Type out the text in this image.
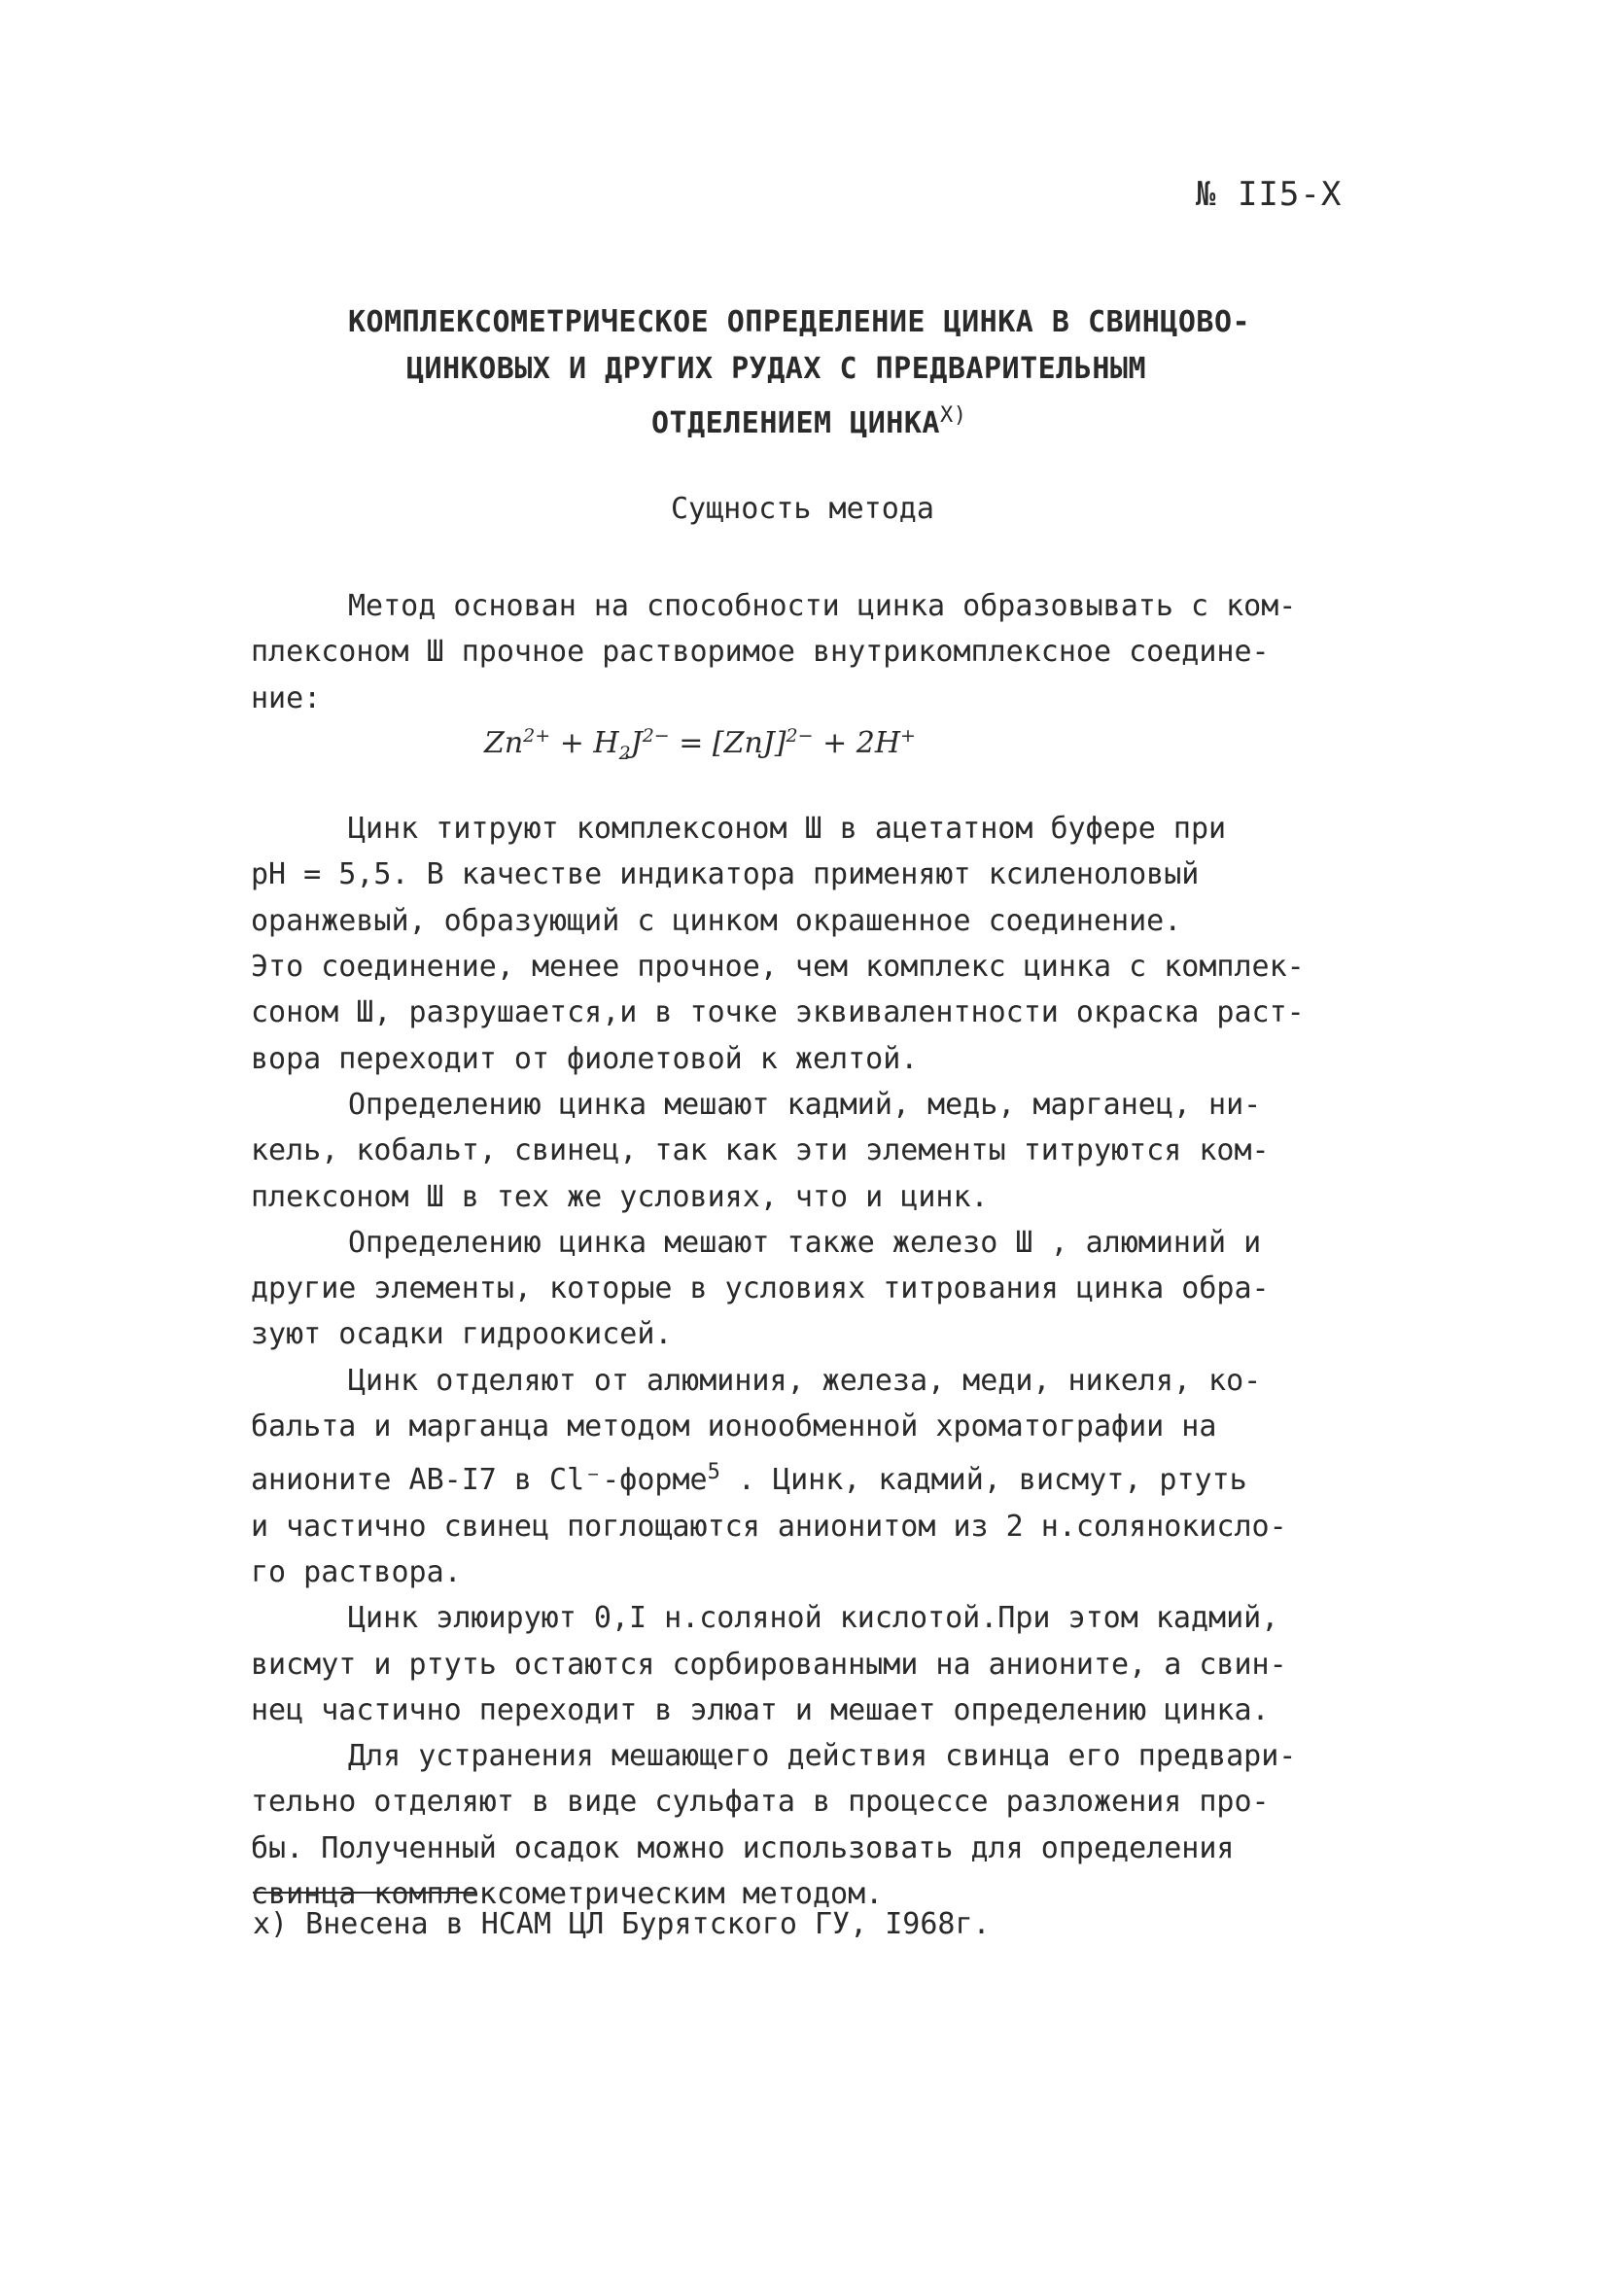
№ II5-Х
КОМПЛЕКСОМЕТРИЧЕСКОЕ ОПРЕДЕЛЕНИЕ ЦИНКА В СВИНЦОВО-
ЦИНКОВЫХ И ДРУГИХ РУДАХ С ПРЕДВАРИТЕЛЬНЫМ
ОТДЕЛЕНИЕМ $ЦИНКА^{Х)}$
Сущность метода
Метод основан на способности цинка образовывать с ком-
плексоном Ш прочное растворимое внутрикомплексное соедине-
ние:
$Zn^{2+} + H_2J^{2-} = [ZnJ]^{2-} + 2H^+$
Цинк титруют комплексоном Ш в ацетатном буфере при
pH = 5,5. В качестве индикатора применяют ксиленоловый
оранжевый, образующий с цинком окрашенное соединение.
Это соединение, менее прочное, чем комплекс цинка с комплек-
соном Ш, разрушается,и в точке эквивалентности окраска раст-
вора переходит от фиолетовой к желтой.
Определению цинка мешают кадмий, медь, марганец, ни-
кель, кобальт, свинец, так как эти элементы титруются ком-
плексоном Ш в тех же условиях, что и цинк.
Определению цинка мешают также железо Ш , алюминий и
другие элементы, которые в условиях титрования цинка обра-
зуют осадки гидроокисей.
Цинк отделяют от алюминия, железа, меди, никеля, ко-
бальта и марганца методом ионообменной хроматографии на
анионите АВ-I7 в Cl⁻-форме$^5$ . Цинк, кадмий, висмут, ртуть
и частично свинец поглощаются анионитом из 2 н.солянокисло-
го раствора.
Цинк элюируют 0,I н.соляной кислотой.При этом кадмий,
висмут и ртуть остаются сорбированными на анионите, а свин-
нец частично переходит в элюат и мешает определению цинка.
Для устранения мешающего действия свинца его предвари-
тельно отделяют в виде сульфата в процессе разложения про-
бы. Полученный осадок можно использовать для определения
свинца комплексометрическим методом.
х) Внесена в НСАМ ЦЛ Бурятского ГУ, I968г.
